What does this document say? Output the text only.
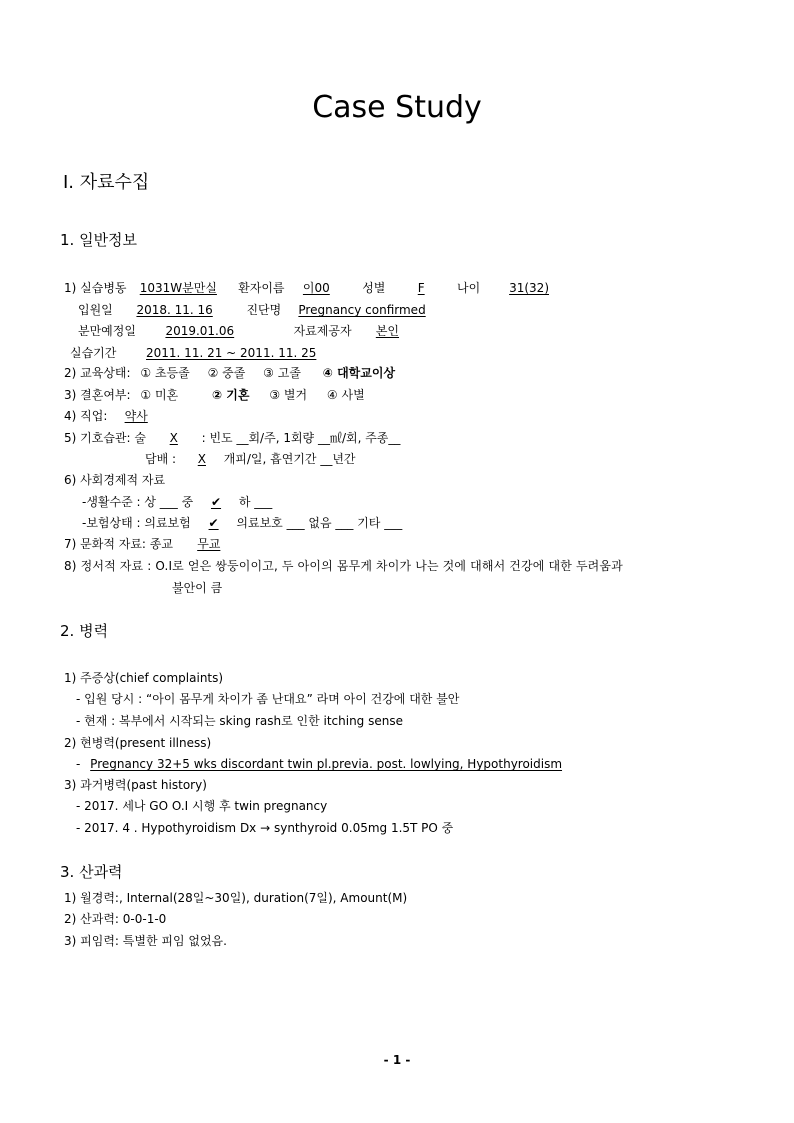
Case Study
Ⅰ. 자료수집
1. 일반정보
1) 실습병동 1031W분만실 환자이름 이00	성별	F	나이 31(32)
입원일 2018. 11. 16	진단명 Pregnancy confirmed
분만예정일 2019.01.06	자료제공자 본인
실습기간 2011. 11. 21 ~ 2011. 11. 25
2) 교육상태: ① 초등졸 ② 중졸 ③ 고졸 ④ 대학교이상
3) 결혼여부: ① 미혼	② 기혼 ③ 별거 ④ 사별
4) 직업: 약사
5) 기호습관: 술 X : 빈도 __회/주, 1회량 __㎖/회, 주종__
담배 : X 개피/일, 흡연기간 __년간
6) 사회경제적 자료
-생활수준 : 상 ___ 중 ✔ 하 ___
-보험상태 : 의료보험 ✔ 의료보호 ___ 없음 ___ 기타 ___
7) 문화적 자료: 종교 무교
8) 정서적 자료 : O.I로 얻은 쌍둥이이고, 두 아이의 몸무게 차이가 나는 것에 대해서 건강에 대한 두려움과
불안이 큼
2. 병력
1) 주증상(chief complaints)
- 입원 당시 : “아이 몸무게 차이가 좀 난대요” 라며 아이 건강에 대한 불안
- 현재 : 복부에서 시작되는 sking rash로 인한 itching sense
2) 현병력(present illness)
- Pregnancy 32+5 wks discordant twin pl.previa. post. lowlying, Hypothyroidism
3) 과거병력(past history)
- 2017. 세나 GO O.I 시행 후 twin pregnancy
- 2017. 4 . Hypothyroidism Dx → synthyroid 0.05mg 1.5T PO 중
3. 산과력
1) 월경력:, Internal(28일~30일), duration(7일), Amount(M)
2) 산과력: 0-0-1-0
3) 피임력: 특별한 피임 없었음.
- 1 -
